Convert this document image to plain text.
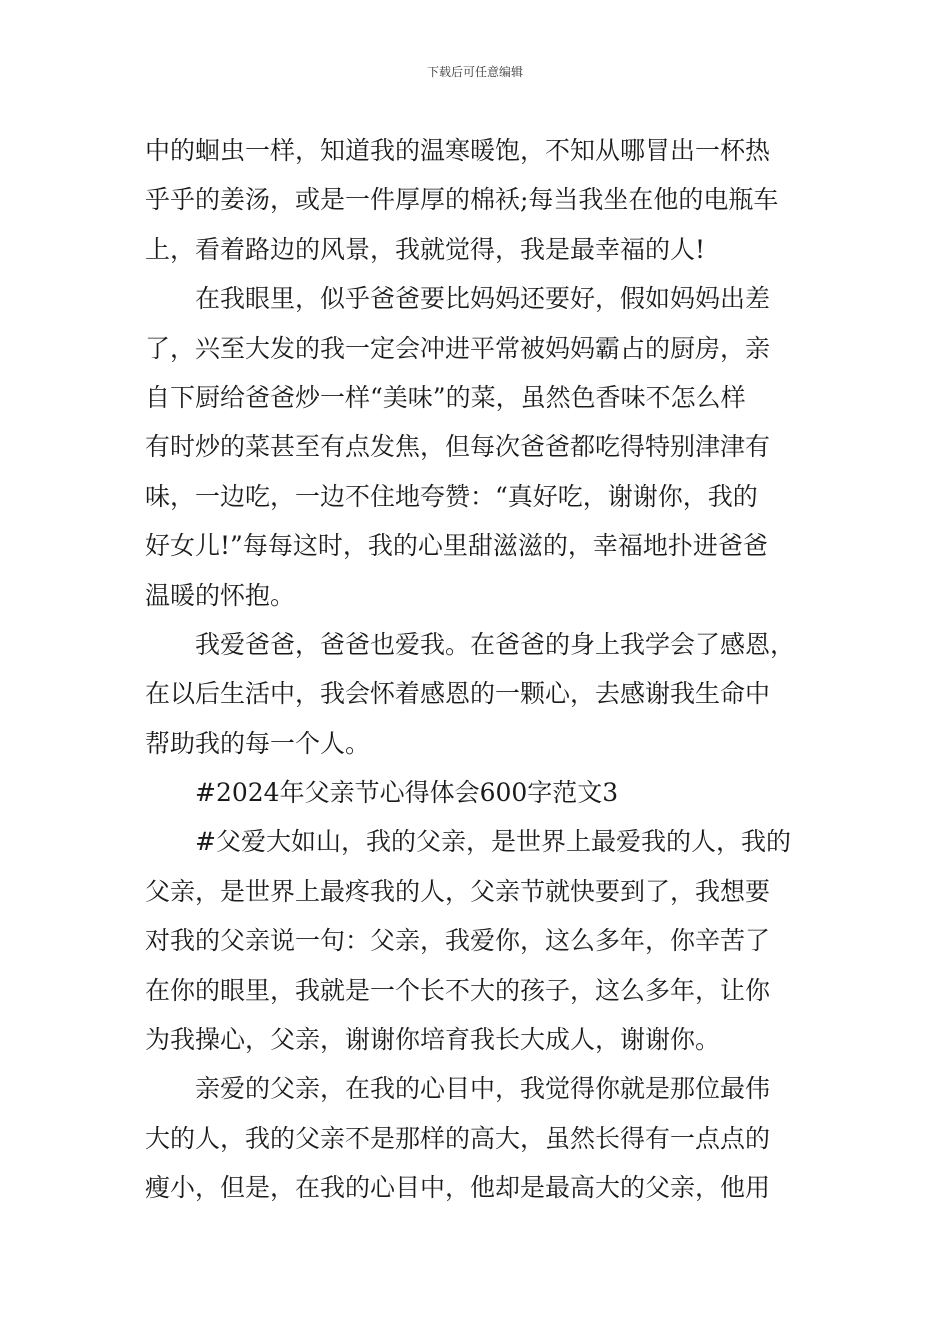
下载后可任意编辑
中的蛔虫一样，知道我的温寒暖饱，不知从哪冒出一杯热
乎乎的姜汤，或是一件厚厚的棉袄;每当我坐在他的电瓶车
上，看着路边的风景，我就觉得，我是最幸福的人!
在我眼里，似乎爸爸要比妈妈还要好，假如妈妈出差
了，兴至大发的我一定会冲进平常被妈妈霸占的厨房，亲
自下厨给爸爸炒一样“美味”的菜，虽然色香味不怎么样
有时炒的菜甚至有点发焦，但每次爸爸都吃得特别津津有
味，一边吃，一边不住地夸赞：“真好吃，谢谢你，我的
好女儿!”每每这时，我的心里甜滋滋的，幸福地扑进爸爸
温暖的怀抱。
我爱爸爸，爸爸也爱我。在爸爸的身上我学会了感恩，
在以后生活中，我会怀着感恩的一颗心，去感谢我生命中
帮助我的每一个人。
#2024年父亲节心得体会600字范文3
#父爱大如山，我的父亲，是世界上最爱我的人，我的
父亲，是世界上最疼我的人，父亲节就快要到了，我想要
对我的父亲说一句：父亲，我爱你，这么多年，你辛苦了
在你的眼里，我就是一个长不大的孩子，这么多年，让你
为我操心，父亲，谢谢你培育我长大成人，谢谢你。
亲爱的父亲，在我的心目中，我觉得你就是那位最伟
大的人，我的父亲不是那样的高大，虽然长得有一点点的
瘦小，但是，在我的心目中，他却是最高大的父亲，他用
